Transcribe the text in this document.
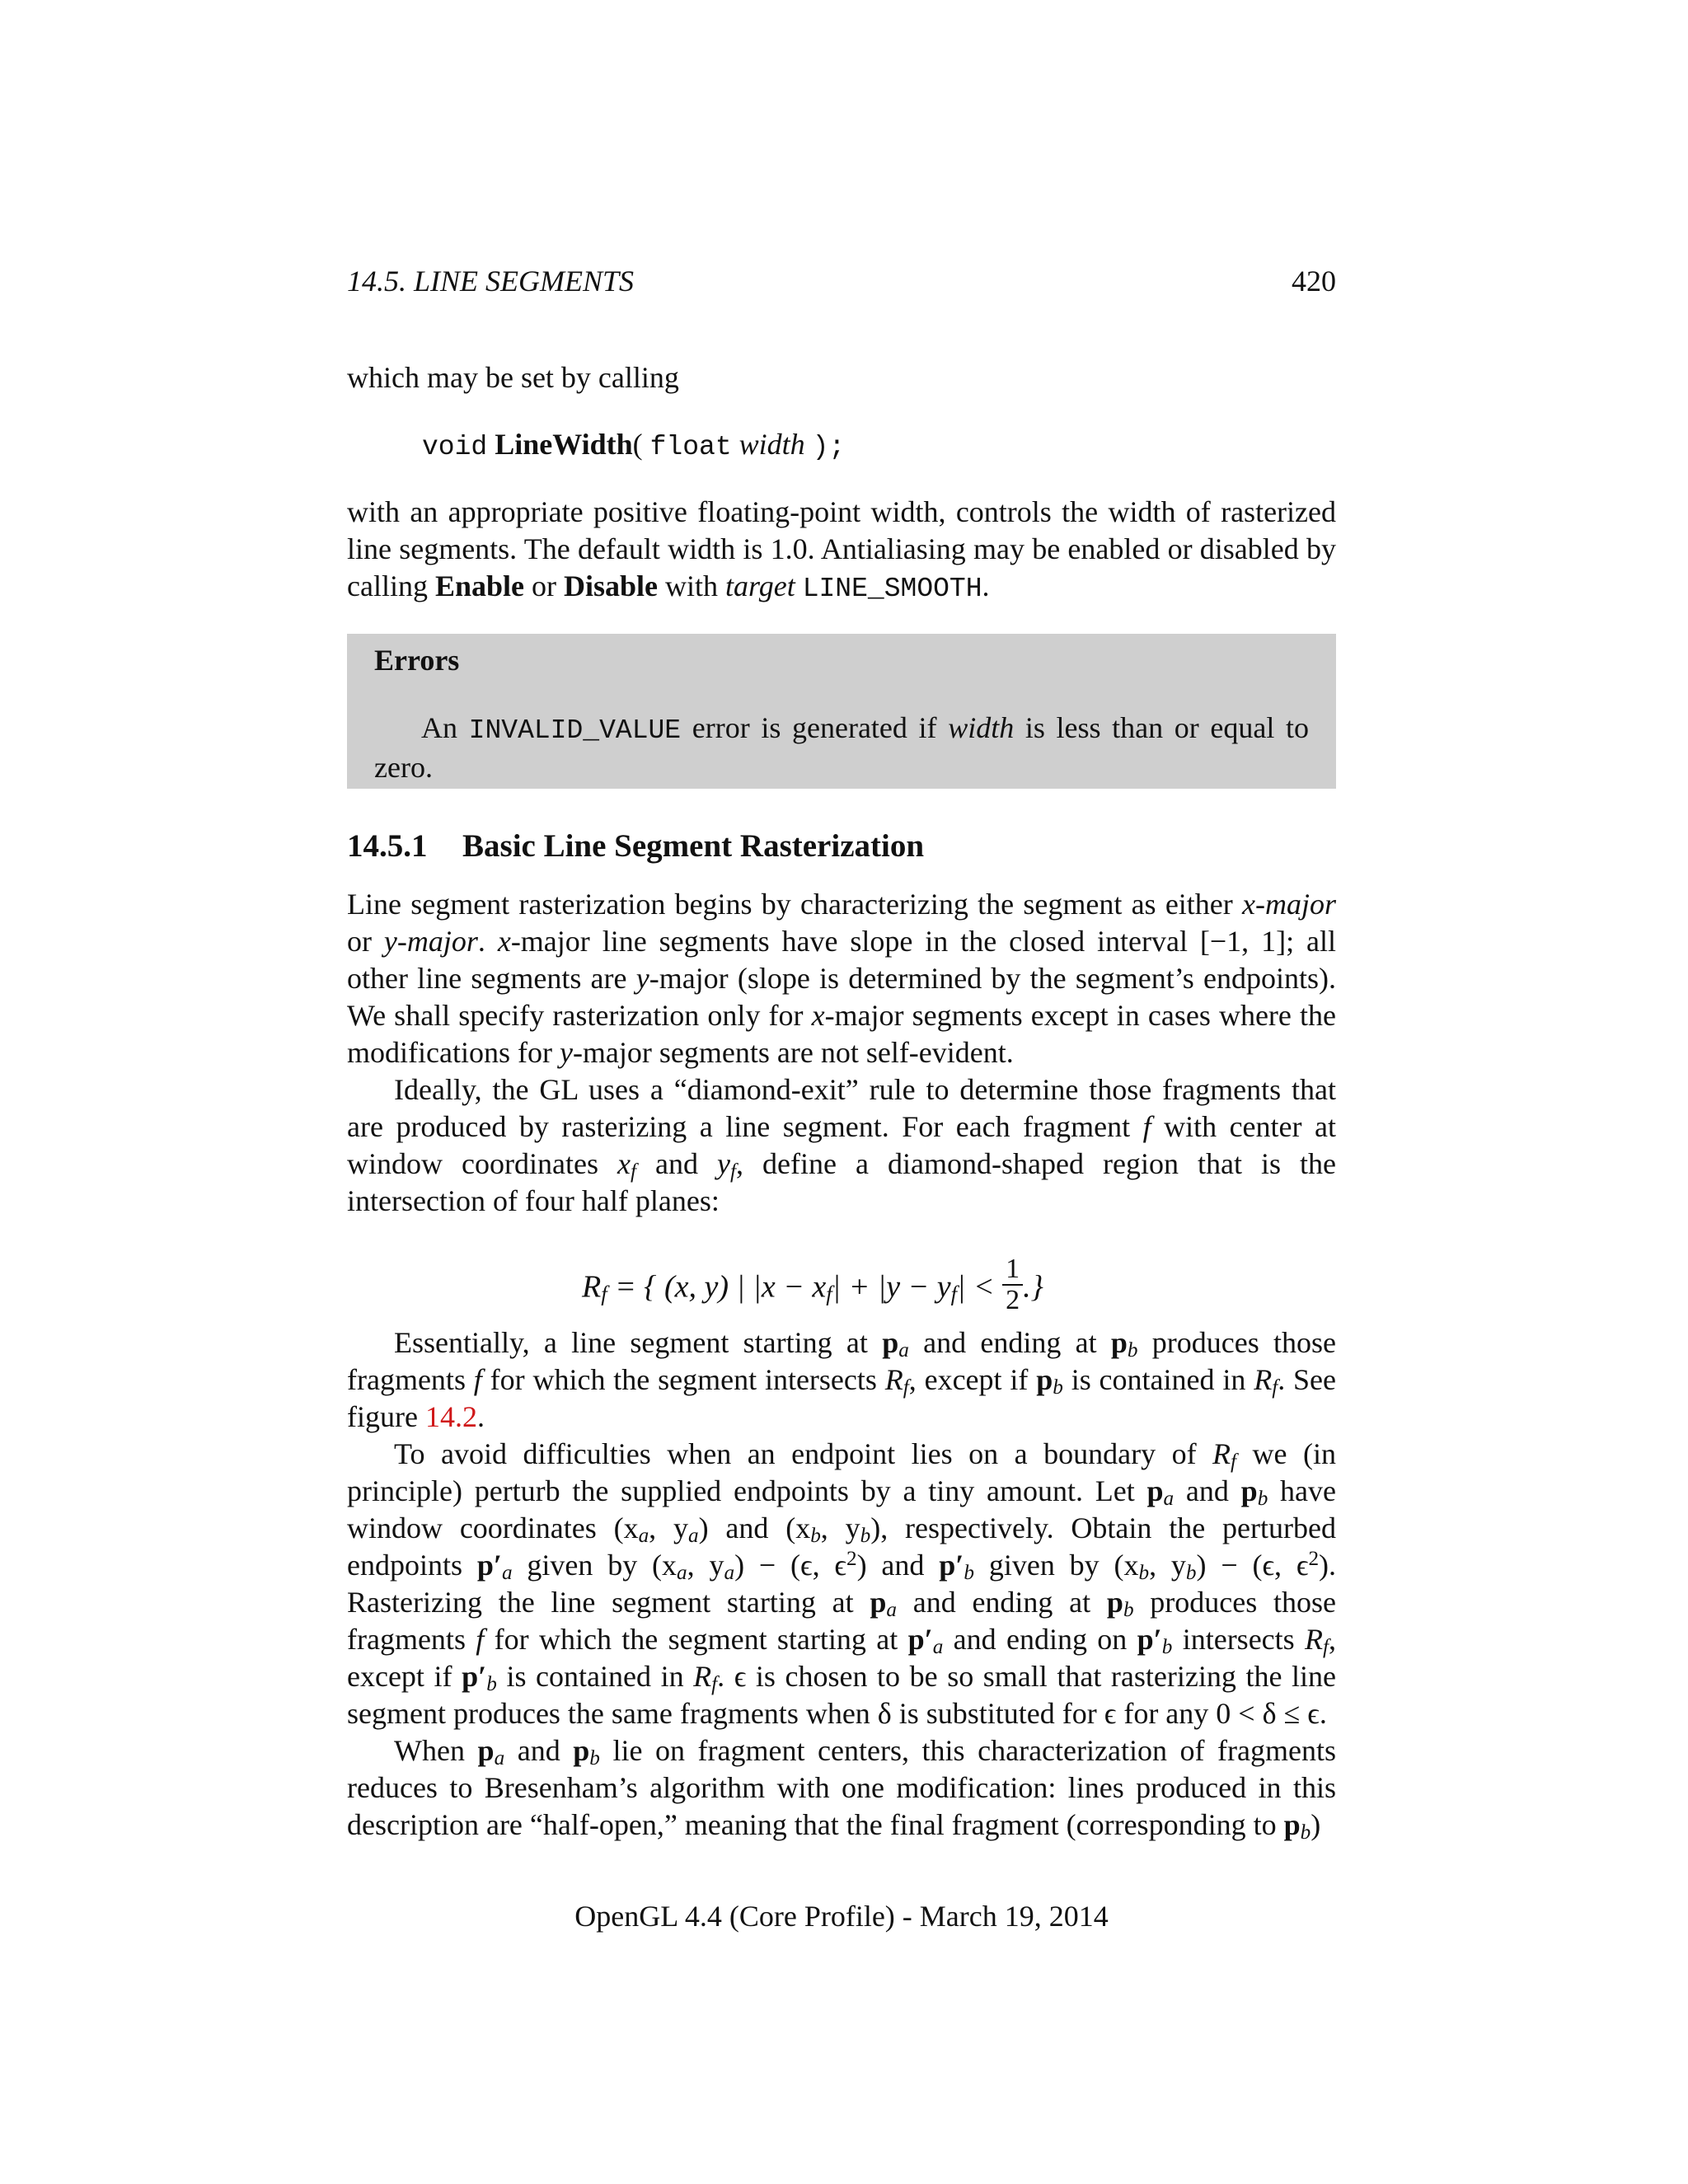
14.5. LINE SEGMENTS	420

which may be set by calling

void LineWidth( float width );

with an appropriate positive floating-point width, controls the width of rasterized line segments. The default width is 1.0. Antialiasing may be enabled or disabled by calling Enable or Disable with target LINE_SMOOTH.

Errors

An INVALID_VALUE error is generated if width is less than or equal to zero.

14.5.1 Basic Line Segment Rasterization

Line segment rasterization begins by characterizing the segment as either x-major or y-major. x-major line segments have slope in the closed interval [−1, 1]; all other line segments are y-major (slope is determined by the segment’s endpoints). We shall specify rasterization only for x-major segments except in cases where the modifications for y-major segments are not self-evident.

Ideally, the GL uses a “diamond-exit” rule to determine those fragments that are produced by rasterizing a line segment. For each fragment f with center at window coordinates $x_f$ and $y_f$, define a diamond-shaped region that is the intersection of four half planes:

$R_f$ = { (x, y) | $|x - x_f| + |y - y_f| < \frac{1}{2}$ .}

Essentially, a line segment starting at $p_a$ and ending at $p_b$ produces those fragments f for which the segment intersects $R_f$, except if $p_b$ is contained in $R_f$. See figure 14.2.

To avoid difficulties when an endpoint lies on a boundary of $R_f$ we (in principle) perturb the supplied endpoints by a tiny amount. Let $p_a$ and $p_b$ have window coordinates ($x_a$, $y_a$) and ($x_b$, $y_b$), respectively. Obtain the perturbed endpoints $p'_a$ given by ($x_a$, $y_a) - (\epsilon$, $\epsilon^2$) and $p'_b$ given by ($x_b$, $y_b) - (\epsilon$, $\epsilon^2$). Rasterizing the line segment starting at $p_a$ and ending at $p_b$ produces those fragments f for which the segment starting at $p'_a$ and ending on $p'_b$ intersects $R_f$, except if $p'_b$ is contained in $R_f$. ϵ is chosen to be so small that rasterizing the line segment produces the same fragments when δ is substituted for ϵ for any 0 < δ ≤ ϵ.

When $p_a$ and $p_b$ lie on fragment centers, this characterization of fragments reduces to Bresenham’s algorithm with one modification: lines produced in this description are “half-open,” meaning that the final fragment (corresponding to $p_b$)

OpenGL 4.4 (Core Profile) - March 19, 2014
